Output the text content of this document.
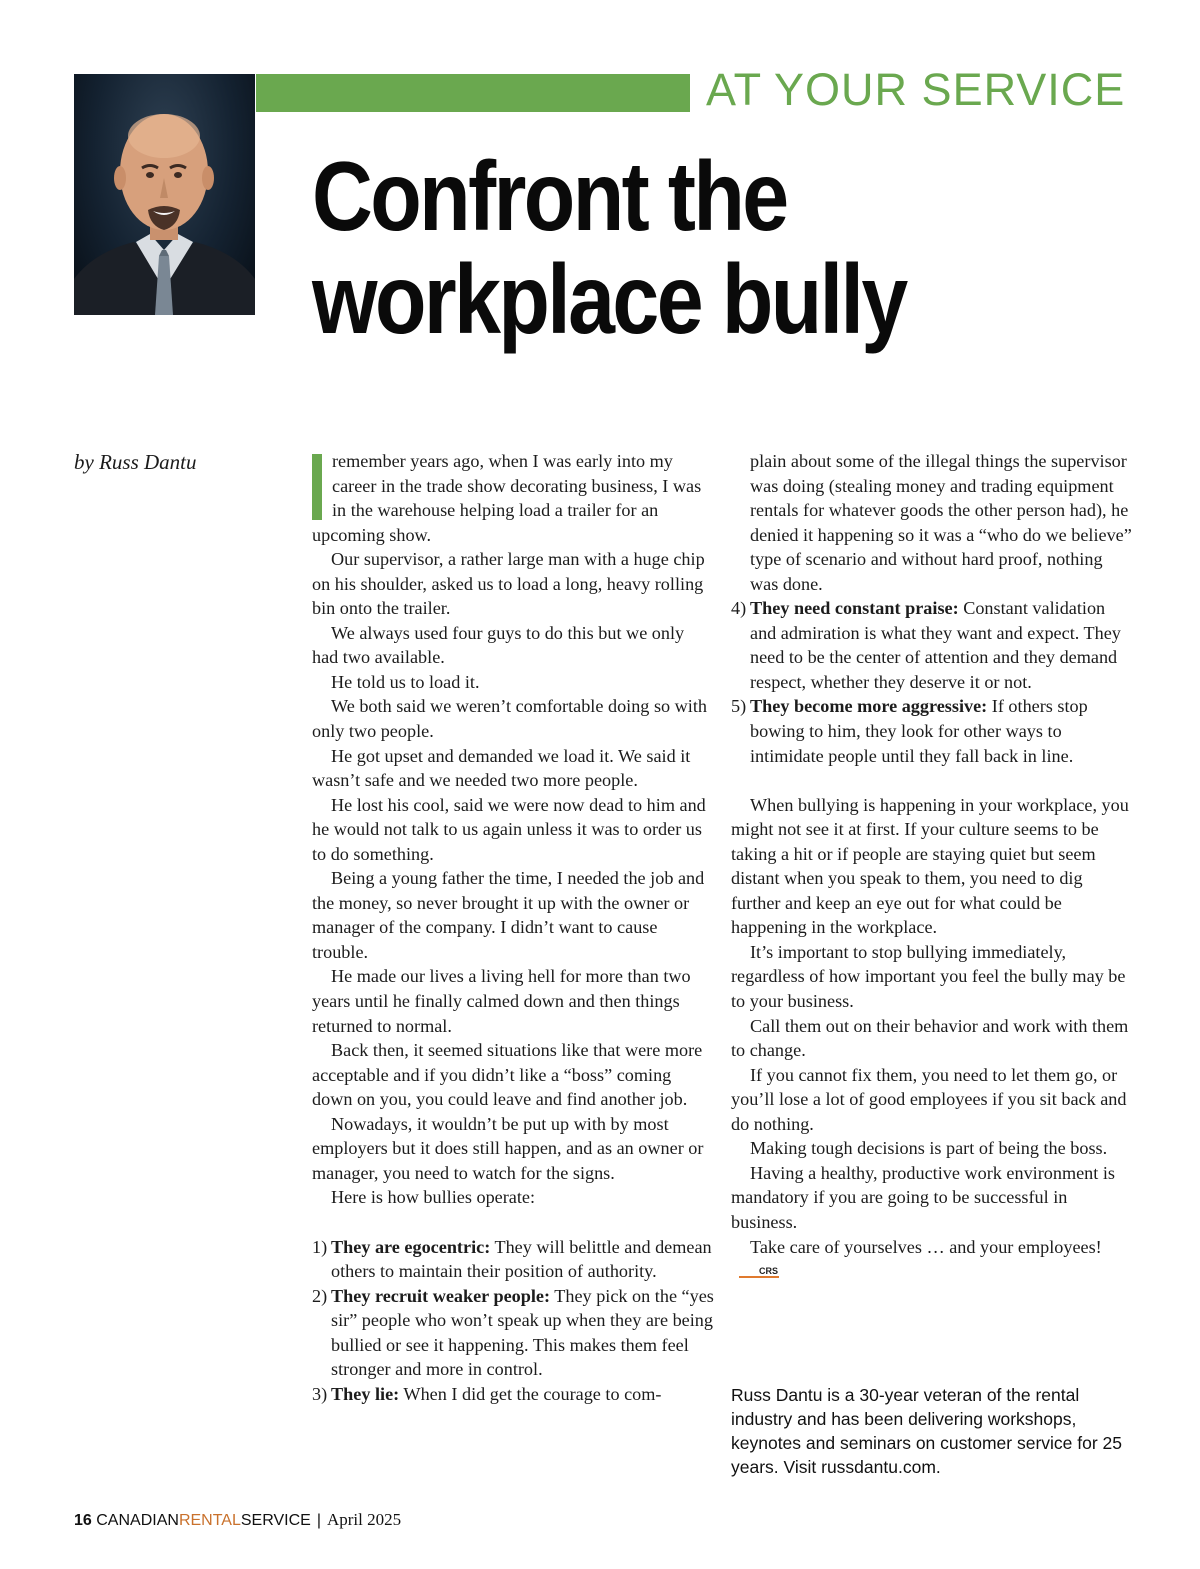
AT YOUR SERVICE
Confront the
workplace bully
by Russ Dantu	remember years ago, when I was early into my career in the trade show decorating business, I was in the warehouse helping load a trailer for an upcoming show.

Our supervisor, a rather large man with a huge chip on his shoulder, asked us to load a long, heavy rolling bin onto the trailer.

We always used four guys to do this but we only had two available.

He told us to load it.

We both said we weren’t comfortable doing so with only two people.

He got upset and demanded we load it. We said it wasn’t safe and we needed two more people.

He lost his cool, said we were now dead to him and he would not talk to us again unless it was to order us to do something.

Being a young father the time, I needed the job and the money, so never brought it up with the owner or manager of the company. I didn’t want to cause trouble.

He made our lives a living hell for more than two years until he finally calmed down and then things returned to normal.

Back then, it seemed situations like that were more acceptable and if you didn’t like a “boss” coming down on you, you could leave and find another job.

Nowadays, it wouldn’t be put up with by most employers but it does still happen, and as an owner or manager, you need to watch for the signs.

Here is how bullies operate:

1) They are egocentric: They will belittle and demean others to maintain their position of authority.
2) They recruit weaker people: They pick on the “yes sir” people who won’t speak up when they are being bullied or see it happening. This makes them feel stronger and more in control.
3) They lie: When I did get the courage to com-
plain about some of the illegal things the supervisor was doing (stealing money and trading equipment rentals for whatever goods the other person had), he denied it happening so it was a “who do we believe” type of scenario and without hard proof, nothing was done.
4) They need constant praise: Constant validation and admiration is what they want and expect. They need to be the center of attention and they demand respect, whether they deserve it or not.
5) They become more aggressive: If others stop bowing to him, they look for other ways to intimidate people until they fall back in line.

When bullying is happening in your workplace, you might not see it at first. If your culture seems to be taking a hit or if people are staying quiet but seem distant when you speak to them, you need to dig further and keep an eye out for what could be happening in the workplace.

It’s important to stop bullying immediately, regardless of how important you feel the bully may be to your business.

Call them out on their behavior and work with them to change.

If you cannot fix them, you need to let them go, or you’ll lose a lot of good employees if you sit back and do nothing.

Making tough decisions is part of being the boss.

Having a healthy, productive work environment is mandatory if you are going to be successful in business.

Take care of yourselves … and your employees!CRS

Russ Dantu is a 30-year veteran of the rental industry and has been delivering workshops, keynotes and seminars on customer service for 25 years. Visit russdantu.com.
16 CANADIANRENTALSERVICE | April 2025
